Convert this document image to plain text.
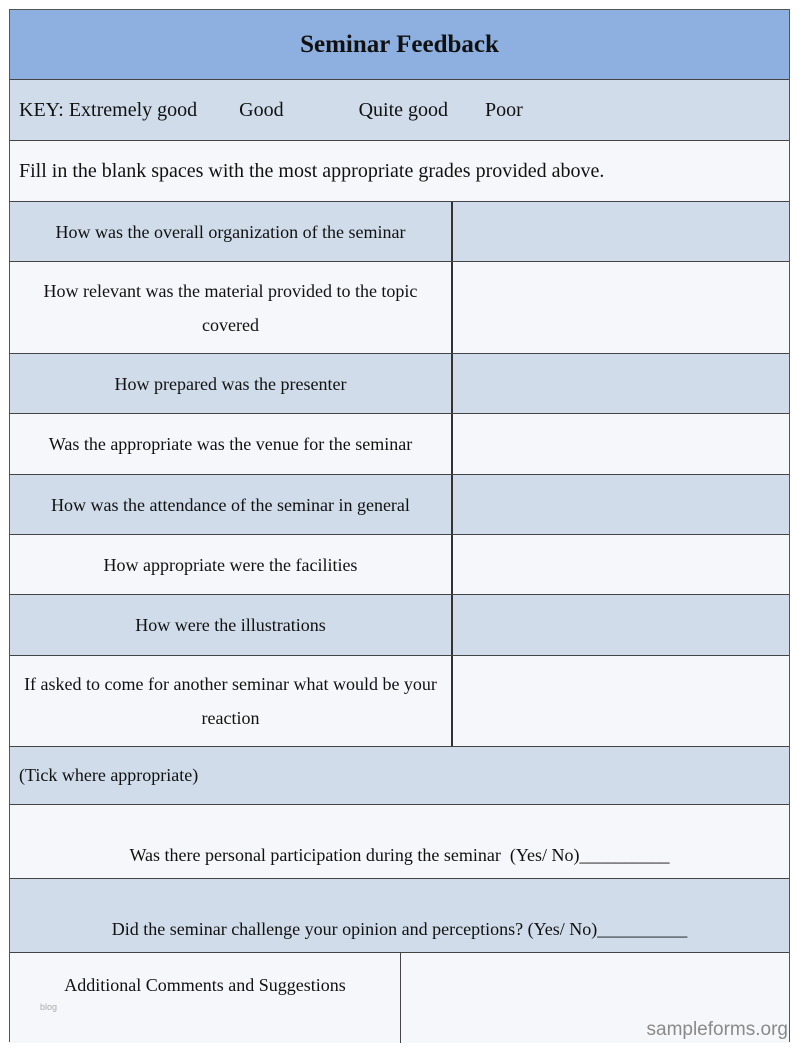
Seminar Feedback
KEY: Extremely good Good	Quite good Poor
Fill in the blank spaces with the most appropriate grades provided above.
How was the overall organization of the seminar
How relevant was the material provided to the topic covered
How prepared was the presenter
Was the appropriate was the venue for the seminar
How was the attendance of the seminar in general
How appropriate were the facilities
How were the illustrations
If asked to come for another seminar what would be your reaction
(Tick where appropriate)
Was there personal participation during the seminar  (Yes/ No)__________
Did the seminar challenge your opinion and perceptions? (Yes/ No)__________
Additional Comments and Suggestions
blog
sampleforms.org
